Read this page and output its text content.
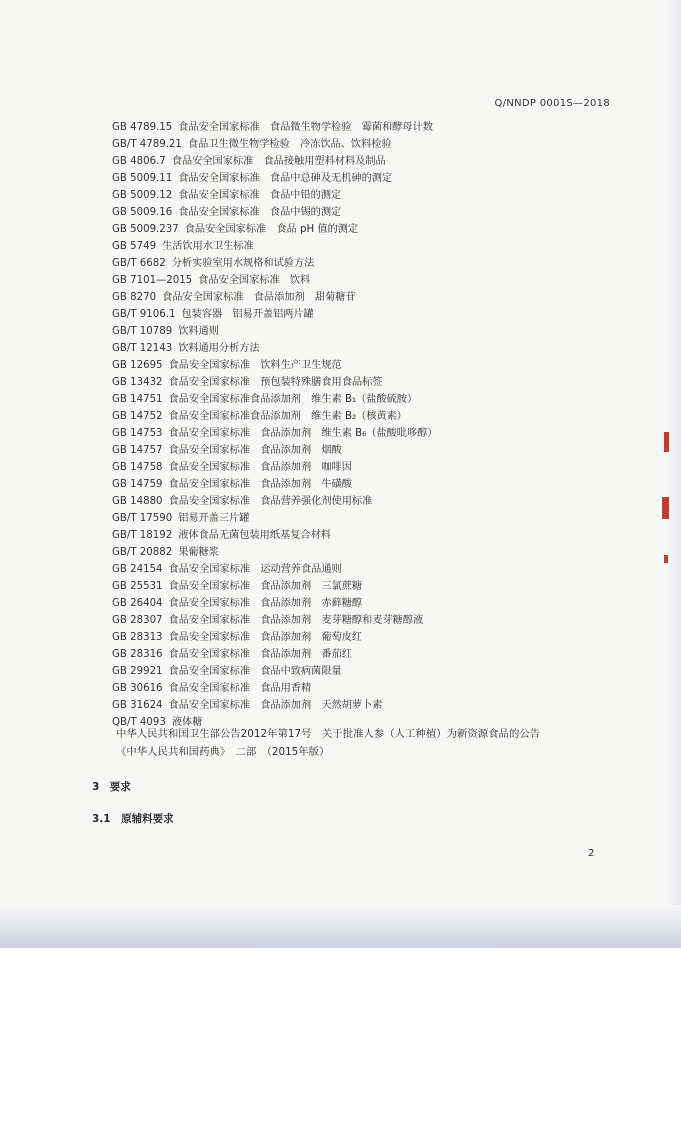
Q/NNDP 0001S—2018
GB 4789.15 食品安全国家标准　食品微生物学检验　霉菌和酵母计数
GB/T 4789.21 食品卫生微生物学检验　冷冻饮品、饮料检验
GB 4806.7 食品安全国家标准　食品接触用塑料材料及制品
GB 5009.11 食品安全国家标准　食品中总砷及无机砷的测定
GB 5009.12 食品安全国家标准　食品中铅的测定
GB 5009.16 食品安全国家标准　食品中锡的测定
GB 5009.237 食品安全国家标准　食品 pH 值的测定
GB 5749 生活饮用水卫生标准
GB/T 6682 分析实验室用水规格和试验方法
GB 7101—2015 食品安全国家标准　饮料
GB 8270 食品安全国家标准　食品添加剂　甜菊糖苷
GB/T 9106.1 包装容器　铝易开盖铝两片罐
GB/T 10789 饮料通则
GB/T 12143 饮料通用分析方法
GB 12695 食品安全国家标准　饮料生产卫生规范
GB 13432 食品安全国家标准　预包装特殊膳食用食品标签
GB 14751 食品安全国家标准食品添加剂　维生素 B₁（盐酸硫胺）
GB 14752 食品安全国家标准食品添加剂　维生素 B₂（核黄素）
GB 14753 食品安全国家标准　食品添加剂　维生素 B₆（盐酸吡哆醇）
GB 14757 食品安全国家标准　食品添加剂　烟酸
GB 14758 食品安全国家标准　食品添加剂　咖啡因
GB 14759 食品安全国家标准　食品添加剂　牛磺酸
GB 14880 食品安全国家标准　食品营养强化剂使用标准
GB/T 17590 铝易开盖三片罐
GB/T 18192 液体食品无菌包装用纸基复合材料
GB/T 20882 果葡糖浆
GB 24154 食品安全国家标准　运动营养食品通则
GB 25531 食品安全国家标准　食品添加剂　三氯蔗糖
GB 26404 食品安全国家标准　食品添加剂　赤藓糖醇
GB 28307 食品安全国家标准　食品添加剂　麦芽糖醇和麦芽糖醇液
GB 28313 食品安全国家标准　食品添加剂　葡萄皮红
GB 28316 食品安全国家标准　食品添加剂　番茄红
GB 29921 食品安全国家标准　食品中致病菌限量
GB 30616 食品安全国家标准　食品用香精
GB 31624 食品安全国家标准　食品添加剂　天然胡萝卜素
QB/T 4093 液体糖
中华人民共和国卫生部公告2012年第17号　关于批准人参（人工种植）为新资源食品的公告
《中华人民共和国药典》　二部　（2015年版）
3　要求
3.1　原辅料要求
2
